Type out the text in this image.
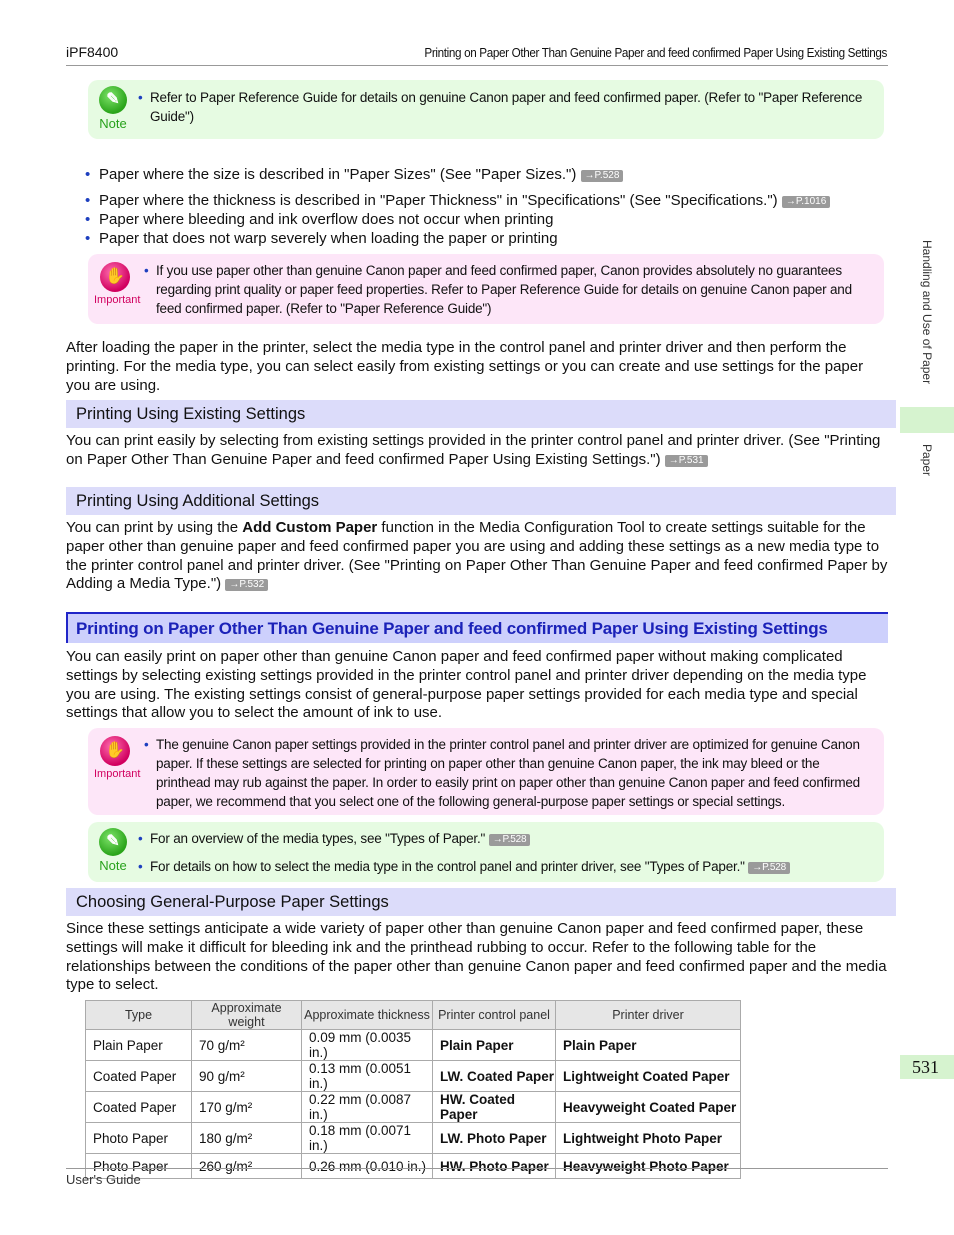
iPF8400	Printing on Paper Other Than Genuine Paper and feed confirmed Paper Using Existing Settings
✎
Note
• Refer to Paper Reference Guide for details on genuine Canon paper and feed confirmed paper. (Refer to "Paper Reference Guide")
• Paper where the size is described in "Paper Sizes" (See "Paper Sizes.") →P.528
• Paper where the thickness is described in "Paper Thickness" in "Specifications" (See "Specifications.") →P.1016
• Paper where bleeding and ink overflow does not occur when printing
• Paper that does not warp severely when loading the paper or printing
✋
Important
• If you use paper other than genuine Canon paper and feed confirmed paper, Canon provides absolutely no guarantees regarding print quality or paper feed properties. Refer to Paper Reference Guide for details on genuine Canon paper and feed confirmed paper. (Refer to "Paper Reference Guide")
After loading the paper in the printer, select the media type in the control panel and printer driver and then perform the printing. For the media type, you can select easily from existing settings or you can create and use settings for the paper you are using.
Printing Using Existing Settings
You can print easily by selecting from existing settings provided in the printer control panel and printer driver. (See "Printing on Paper Other Than Genuine Paper and feed confirmed Paper Using Existing Settings.") →P.531
Printing Using Additional Settings
You can print by using the Add Custom Paper function in the Media Configuration Tool to create settings suitable for the paper other than genuine paper and feed confirmed paper you are using and adding these settings as a new media type to the printer control panel and printer driver. (See "Printing on Paper Other Than Genuine Paper and feed confirmed Paper by Adding a Media Type.") →P.532
Printing on Paper Other Than Genuine Paper and feed confirmed Paper Using Existing Settings
You can easily print on paper other than genuine Canon paper and feed confirmed paper without making complicated settings by selecting existing settings provided in the printer control panel and printer driver depending on the media type you are using. The existing settings consist of general-purpose paper settings provided for each media type and special settings that allow you to select the amount of ink to use.
✋
Important
• The genuine Canon paper settings provided in the printer control panel and printer driver are optimized for genuine Canon paper. If these settings are selected for printing on paper other than genuine Canon paper, the ink may bleed or the printhead may rub against the paper. In order to easily print on paper other than genuine Canon paper and feed confirmed paper, we recommend that you select one of the following general-purpose paper settings or special settings.
✎
Note
• For an overview of the media types, see "Types of Paper." →P.528
• For details on how to select the media type in the control panel and printer driver, see "Types of Paper." →P.528
Choosing General-Purpose Paper Settings
Since these settings anticipate a wide variety of paper other than genuine Canon paper and feed confirmed paper, these settings will make it difficult for bleeding ink and the printhead rubbing to occur. Refer to the following table for the relationships between the conditions of the paper other than genuine Canon paper and feed confirmed paper and the media type to select.
Type	Approximate weight	Approximate thickness	Printer control panel	Printer driver
Plain Paper	70 g/m²	0.09 mm (0.0035 in.)	Plain Paper	Plain Paper
Coated Paper	90 g/m²	0.13 mm (0.0051 in.)	LW. Coated Paper	Lightweight Coated Paper
Coated Paper	170 g/m²	0.22 mm (0.0087 in.)	HW. Coated Paper	Heavyweight Coated Paper
Photo Paper	180 g/m²	0.18 mm (0.0071 in.)	LW. Photo Paper	Lightweight Photo Paper
Photo Paper	260 g/m²	0.26 mm (0.010 in.)	HW. Photo Paper	Heavyweight Photo Paper
Handling and Use of Paper
Paper
531
User's Guide
